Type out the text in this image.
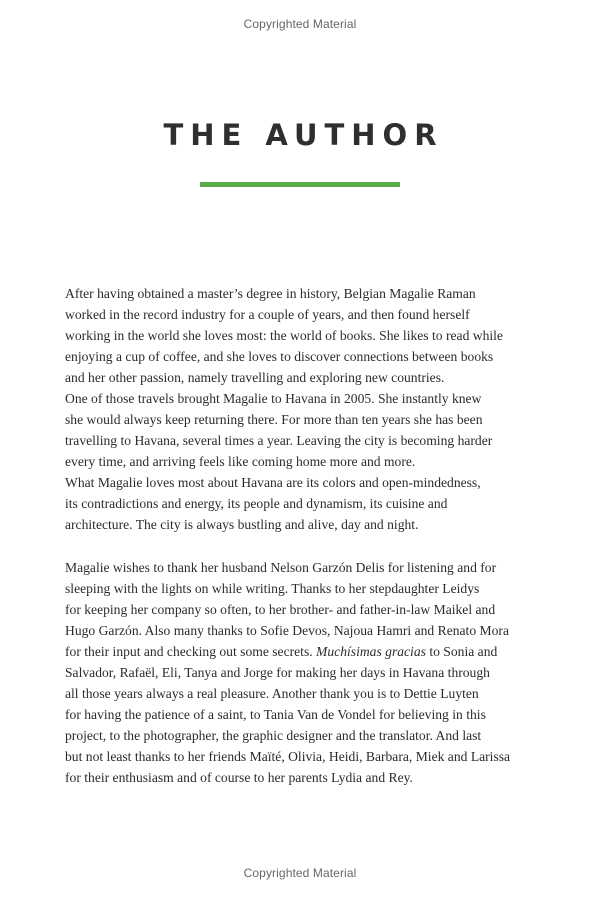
Copyrighted Material
THE AUTHOR
After having obtained a master’s degree in history, Belgian Magalie Raman
worked in the record industry for a couple of years, and then found herself
working in the world she loves most: the world of books. She likes to read while
enjoying a cup of coffee, and she loves to discover connections between books
and her other passion, namely travelling and exploring new countries.
One of those travels brought Magalie to Havana in 2005. She instantly knew
she would always keep returning there. For more than ten years she has been
travelling to Havana, several times a year. Leaving the city is becoming harder
every time, and arriving feels like coming home more and more.
What Magalie loves most about Havana are its colors and open-mindedness,
its contradictions and energy, its people and dynamism, its cuisine and
architecture. The city is always bustling and alive, day and night.
Magalie wishes to thank her husband Nelson Garzón Delis for listening and for
sleeping with the lights on while writing. Thanks to her stepdaughter Leidys
for keeping her company so often, to her brother- and father-in-law Maikel and
Hugo Garzón. Also many thanks to Sofie Devos, Najoua Hamri and Renato Mora
for their input and checking out some secrets. Muchísimas gracias to Sonia and
Salvador, Rafaël, Eli, Tanya and Jorge for making her days in Havana through
all those years always a real pleasure. Another thank you is to Dettie Luyten
for having the patience of a saint, to Tania Van de Vondel for believing in this
project, to the photographer, the graphic designer and the translator. And last
but not least thanks to her friends Maïté, Olivia, Heidi, Barbara, Miek and Larissa
for their enthusiasm and of course to her parents Lydia and Rey.
Copyrighted Material
